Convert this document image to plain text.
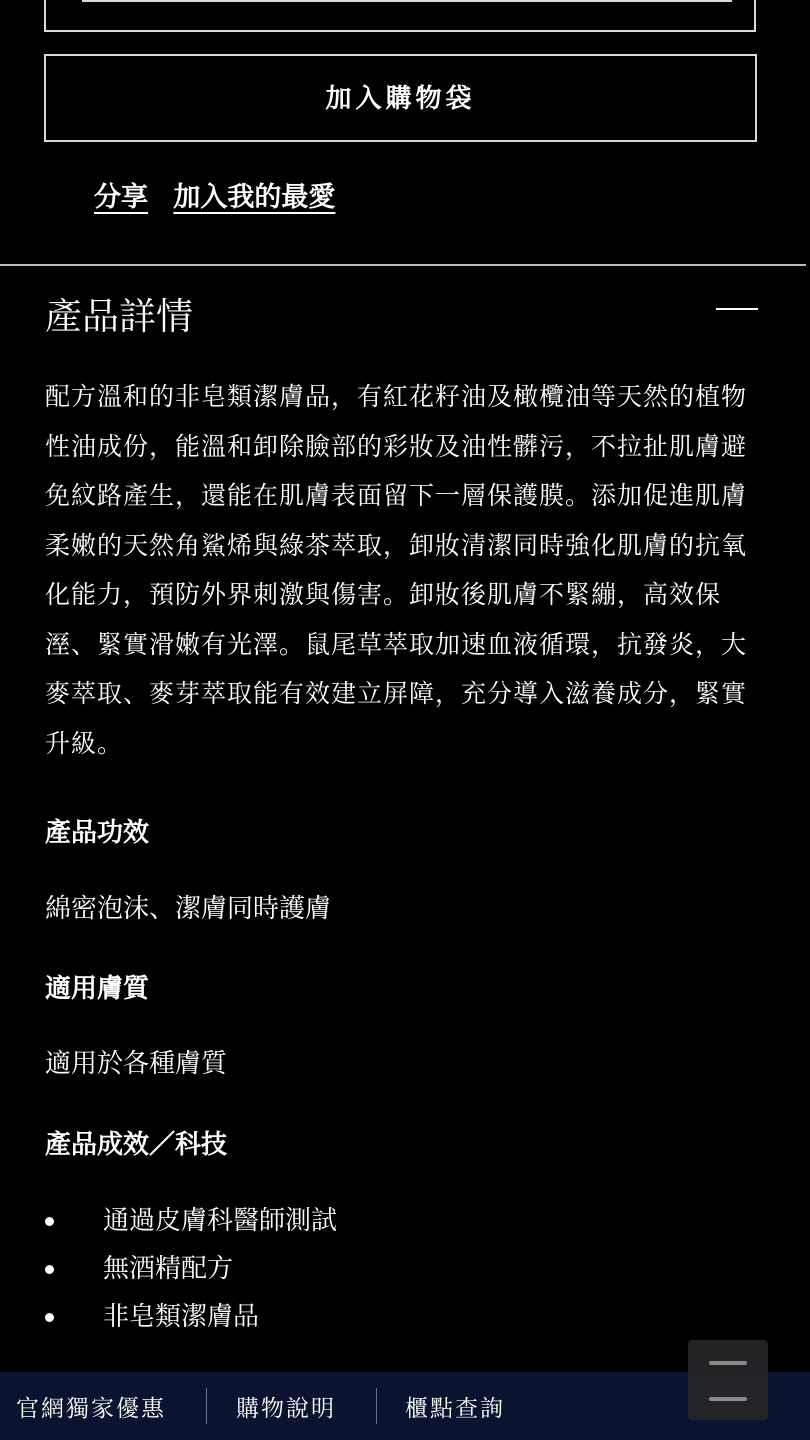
加入購物袋
分享 加入我的最愛
產品詳情

配方溫和的非皂類潔膚品，有紅花籽油及橄欖油等天然的植物性油成份，能溫和卸除臉部的彩妝及油性髒污，不拉扯肌膚避免紋路產生，還能在肌膚表面留下一層保護膜。添加促進肌膚柔嫩的天然角鯊烯與綠茶萃取，卸妝清潔同時強化肌膚的抗氧化能力，預防外界刺激與傷害。卸妝後肌膚不緊繃，高效保溼、緊實滑嫩有光澤。鼠尾草萃取加速血液循環，抗發炎，大麥萃取、麥芽萃取能有效建立屏障，充分導入滋養成分，緊實升級。

產品功效

綿密泡沫、潔膚同時護膚

適用膚質

適用於各種膚質

產品成效／科技
通過皮膚科醫師測試
無酒精配方
非皂類潔膚品
官網獨家優惠	購物說明	櫃點查詢
